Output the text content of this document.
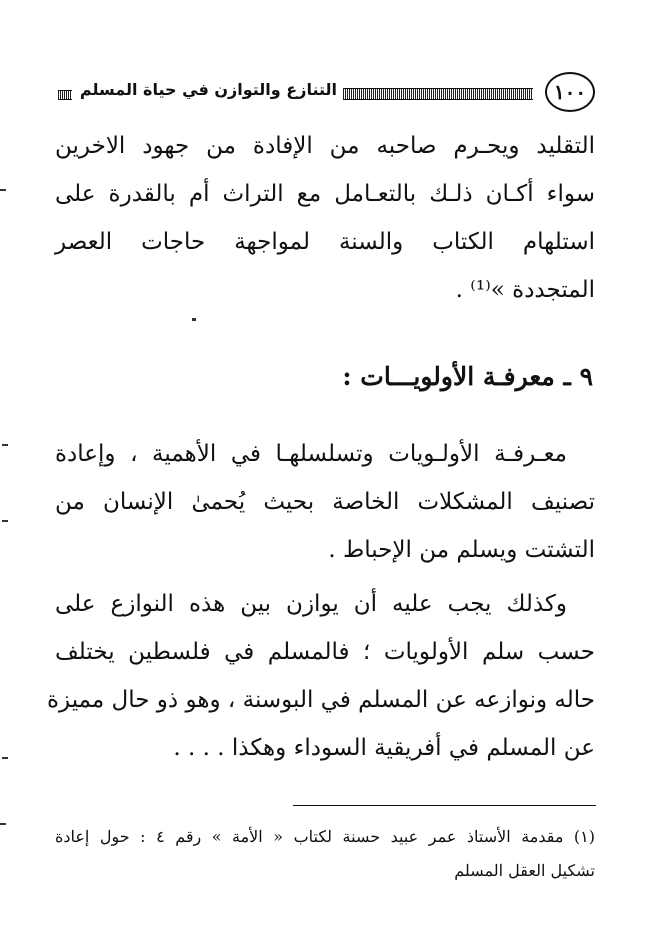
١٠٠
التنازع والتوازن في حياة المسلم
التقليد ويحـرم صاحبه من الإفادة من جهود الاخرين
سواء أكـان ذلـك بالتعـامل مع التراث أم بالقدرة على
استلهام الكتاب والسنة لمواجهة حاجات العصر
المتجددة »⁽¹⁾ .
٩ ـ معرفـة الأولويـــات :
معـرفـة الأولـويات وتسلسلهـا في الأهمية ، وإعادة
تصنيف المشكلات الخاصة بحيث يُحمىٰ الإنسان من
التشتت ويسلم من الإحباط .
وكذلك يجب عليه أن يوازن بين هذه النوازع على
حسب سلم الأولويات ؛ فالمسلم في فلسطين يختلف
حاله ونوازعه عن المسلم في البوسنة ، وهو ذو حال مميزة
عن المسلم في أفريقية السوداء وهكذا . . . .
(١) مقدمة الأستاذ عمر عبيد حسنة لكتاب « الأمة » رقم ٤ : حول إعادة
تشكيل العقل المسلم
